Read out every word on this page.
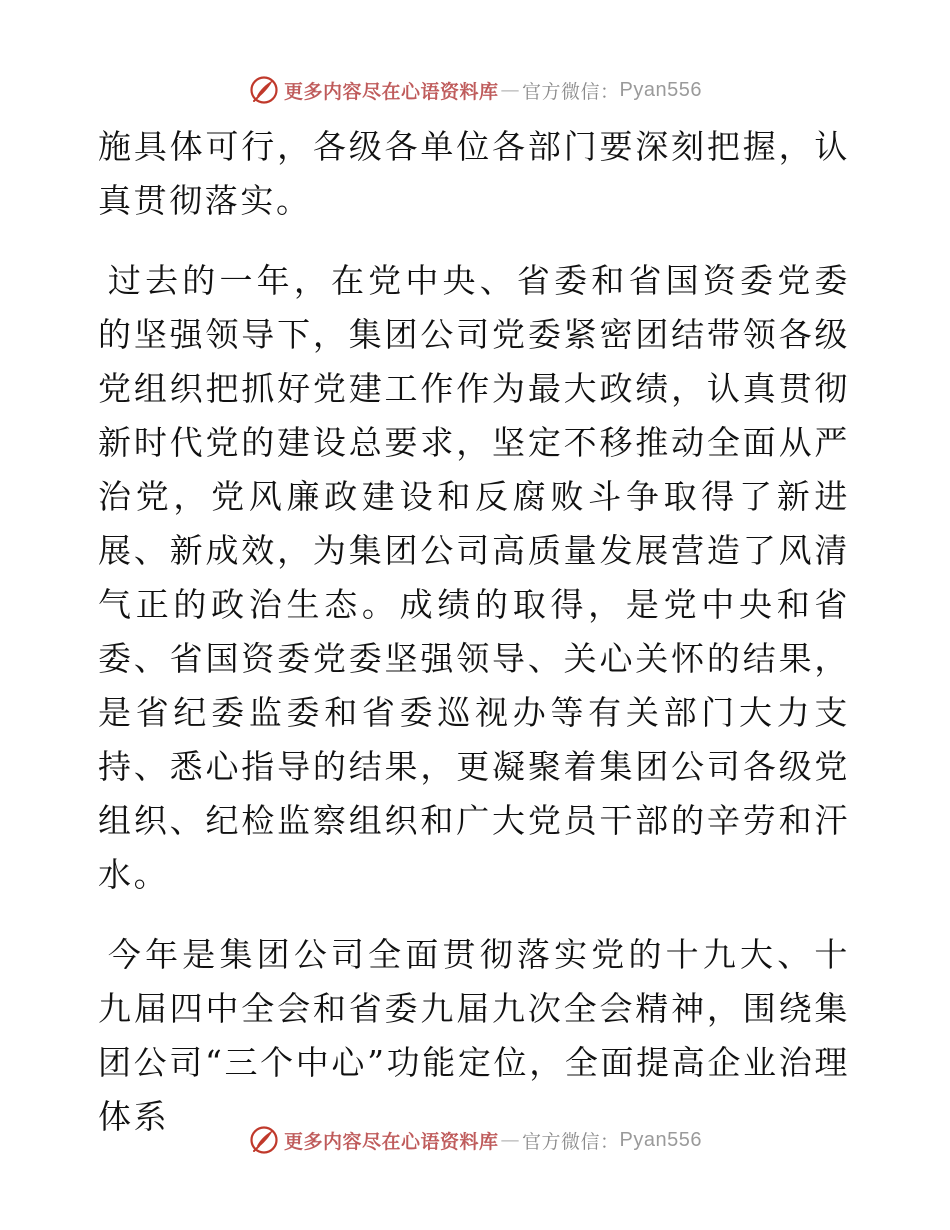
更多内容尽在心语资料库 — 官方微信： Pyan556

施具体可行，各级各单位各部门要深刻把握，认真贯彻落实。

过去的一年，在党中央、省委和省国资委党委的坚强领导下，集团公司党委紧密团结带领各级党组织把抓好党建工作作为最大政绩，认真贯彻新时代党的建设总要求，坚定不移推动全面从严治党，党风廉政建设和反腐败斗争取得了新进展、新成效，为集团公司高质量发展营造了风清气正的政治生态。成绩的取得，是党中央和省委、省国资委党委坚强领导、关心关怀的结果，是省纪委监委和省委巡视办等有关部门大力支持、悉心指导的结果，更凝聚着集团公司各级党组织、纪检监察组织和广大党员干部的辛劳和汗水。

今年是集团公司全面贯彻落实党的十九大、十九届四中全会和省委九届九次全会精神，围绕集团公司“三个中心”功能定位，全面提高企业治理体系

更多内容尽在心语资料库 — 官方微信： Pyan556
